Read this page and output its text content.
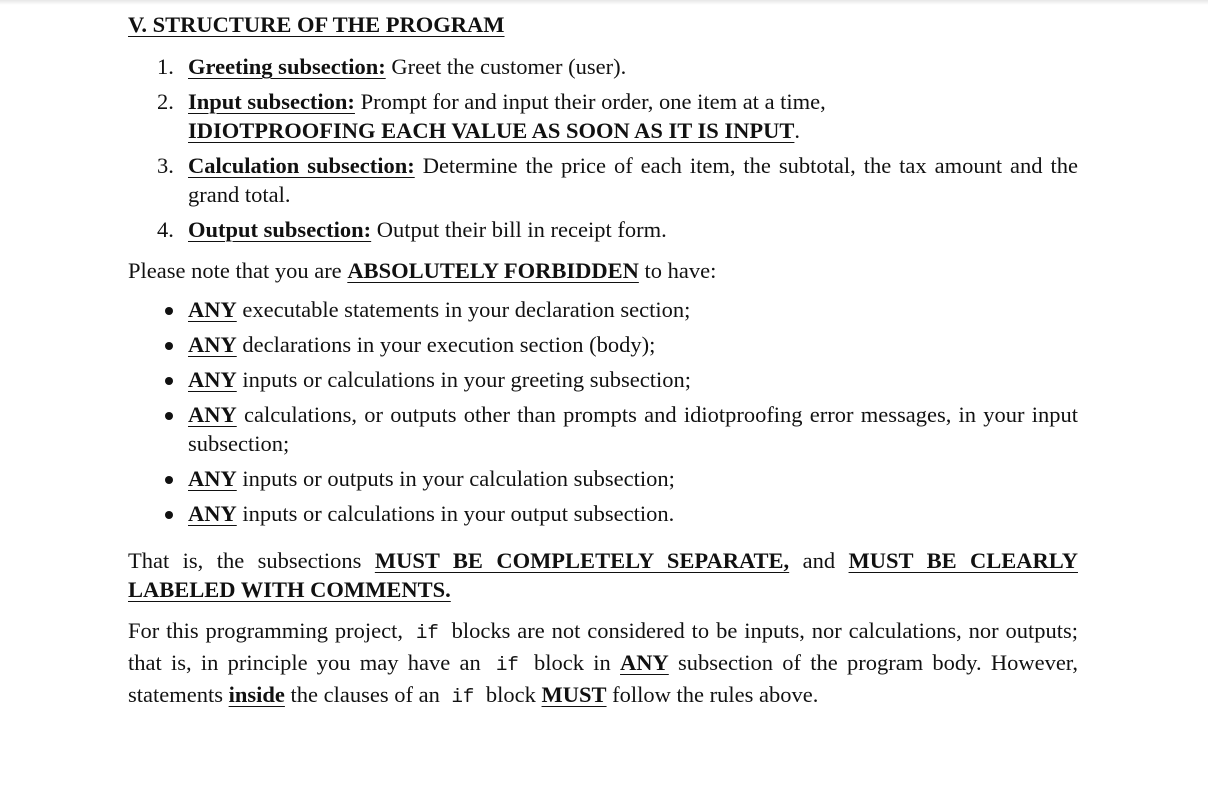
V. STRUCTURE OF THE PROGRAM
1. Greeting subsection: Greet the customer (user).
2. Input subsection: Prompt for and input their order, one item at a time,
IDIOTPROOFING EACH VALUE AS SOON AS IT IS INPUT.
3. Calculation subsection: Determine the price of each item, the subtotal, the tax amount and the grand total.
4. Output subsection: Output their bill in receipt form.

Please note that you are ABSOLUTELY FORBIDDEN to have:

ANY executable statements in your declaration section;
ANY declarations in your execution section (body);
ANY inputs or calculations in your greeting subsection;
ANY calculations, or outputs other than prompts and idiotproofing error messages, in your input subsection;
ANY inputs or outputs in your calculation subsection;
ANY inputs or calculations in your output subsection.

That is, the subsections MUST BE COMPLETELY SEPARATE, and MUST BE CLEARLY LABELED WITH COMMENTS.

For this programming project, if blocks are not considered to be inputs, nor calculations, nor outputs; that is, in principle you may have an if block in ANY subsection of the program body. However, statements inside the clauses of an if block MUST follow the rules above.
